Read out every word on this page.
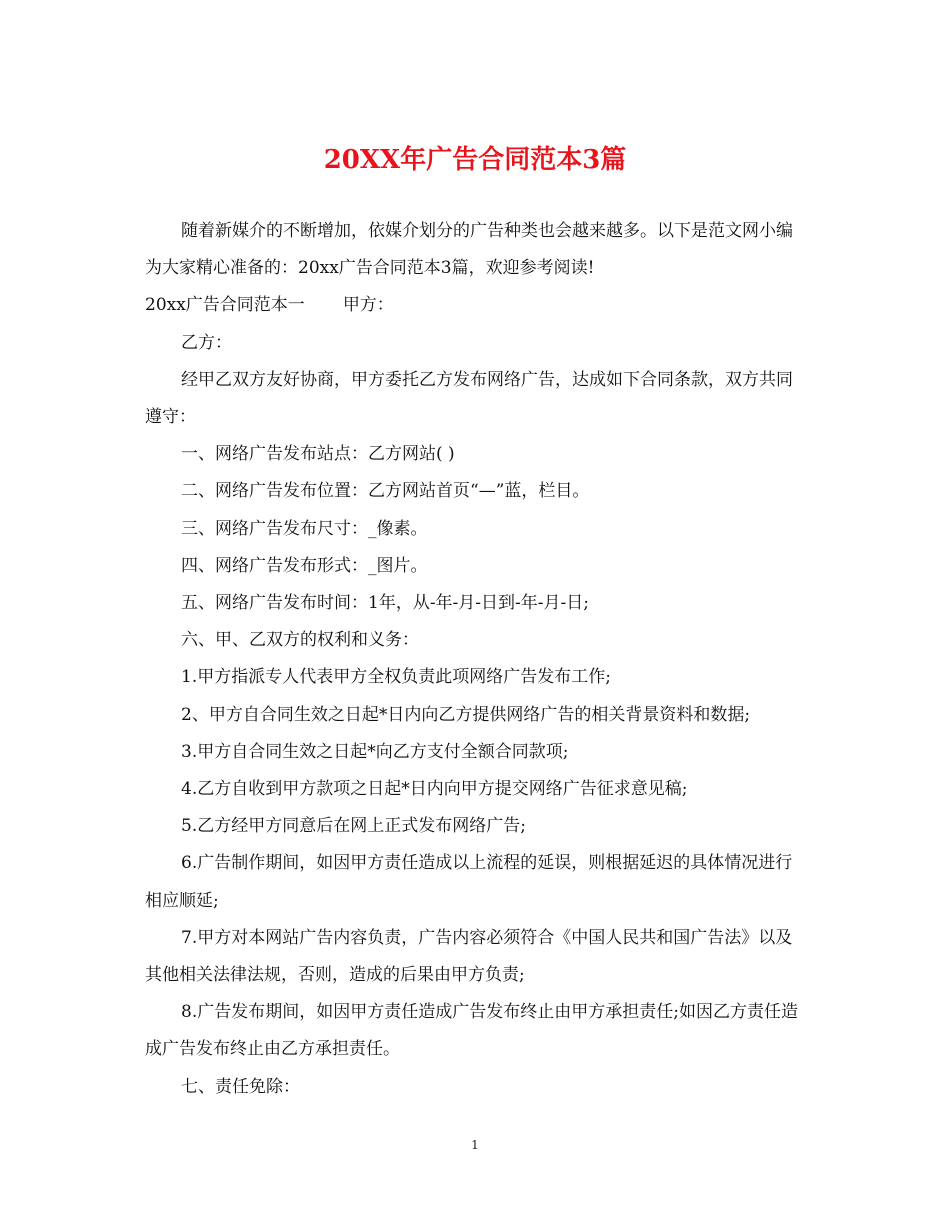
20XX年广告合同范本3篇

随着新媒介的不断增加，依媒介划分的广告种类也会越来越多。以下是范文网小编为大家精心准备的：20xx广告合同范本3篇，欢迎参考阅读!

20xx广告合同范本一 甲方：

乙方：

经甲乙双方友好协商，甲方委托乙方发布网络广告，达成如下合同条款，双方共同遵守：

一、网络广告发布站点：乙方网站( )

二、网络广告发布位置：乙方网站首页“—”蓝，栏目。

三、网络广告发布尺寸：_像素。

四、网络广告发布形式：_图片。

五、网络广告发布时间：1年，从-年-月-日到-年-月-日;

六、甲、乙双方的权利和义务：

1.甲方指派专人代表甲方全权负责此项网络广告发布工作;

2、甲方自合同生效之日起*日内向乙方提供网络广告的相关背景资料和数据;

3.甲方自合同生效之日起*向乙方支付全额合同款项;

4.乙方自收到甲方款项之日起*日内向甲方提交网络广告征求意见稿;

5.乙方经甲方同意后在网上正式发布网络广告;

6.广告制作期间，如因甲方责任造成以上流程的延误，则根据延迟的具体情况进行相应顺延;

7.甲方对本网站广告内容负责，广告内容必须符合《中国人民共和国广告法》以及其他相关法律法规，否则，造成的后果由甲方负责;

8.广告发布期间，如因甲方责任造成广告发布终止由甲方承担责任;如因乙方责任造成广告发布终止由乙方承担责任。

七、责任免除：

1
